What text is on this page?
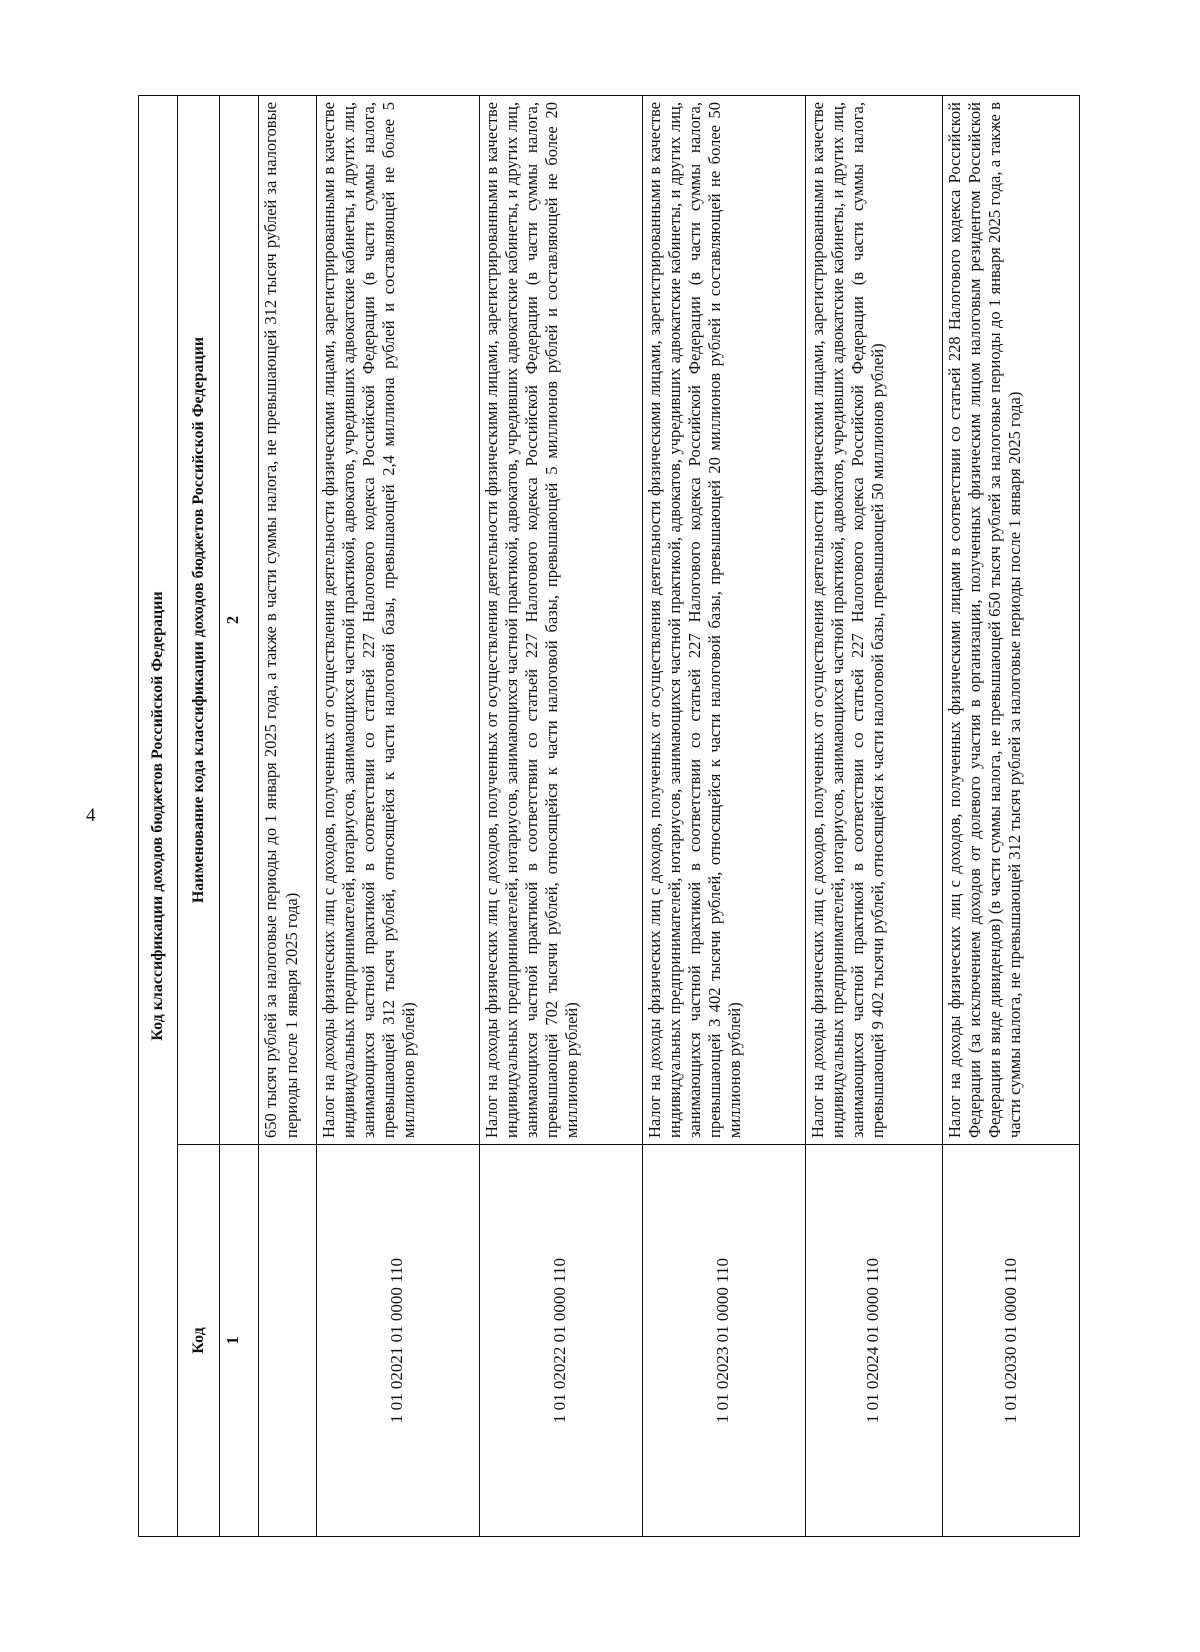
4	Код классификации доходов бюджетов Российской Федерации	
Код	Наименование кода классификации доходов бюджетов Российской Федерации
1	2
	650 тысяч рублей за налоговые периоды до 1 января 2025 года, а также в части суммы налога, не превышающей 312 тысяч рублей за налоговые периоды после 1 января 2025 года)
1 01 02021 01 0000 110	Налог на доходы физических лиц с доходов, полученных от осуществления деятельности физическими лицами, зарегистрированными в качестве индивидуальных предпринимателей, нотариусов, занимающихся частной практикой, адвокатов, учредивших адвокатские кабинеты, и других лиц, занимающихся частной практикой в соответствии со статьей 227 Налогового кодекса Российской Федерации (в части суммы налога, превышающей 312 тысяч рублей, относящейся к части налоговой базы, превышающей 2,4 миллиона рублей и составляющей не более 5 миллионов рублей)
1 01 02022 01 0000 110	Налог на доходы физических лиц с доходов, полученных от осуществления деятельности физическими лицами, зарегистрированными в качестве индивидуальных предпринимателей, нотариусов, занимающихся частной практикой, адвокатов, учредивших адвокатские кабинеты, и других лиц, занимающихся частной практикой в соответствии со статьей 227 Налогового кодекса Российской Федерации (в части суммы налога, превышающей 702 тысячи рублей, относящейся к части налоговой базы, превышающей 5 миллионов рублей и составляющей не более 20 миллионов рублей)
1 01 02023 01 0000 110	Налог на доходы физических лиц с доходов, полученных от осуществления деятельности физическими лицами, зарегистрированными в качестве индивидуальных предпринимателей, нотариусов, занимающихся частной практикой, адвокатов, учредивших адвокатские кабинеты, и других лиц, занимающихся частной практикой в соответствии со статьей 227 Налогового кодекса Российской Федерации (в части суммы налога, превышающей 3 402 тысячи рублей, относящейся к части налоговой базы, превышающей 20 миллионов рублей и составляющей не более 50 миллионов рублей)
1 01 02024 01 0000 110	Налог на доходы физических лиц с доходов, полученных от осуществления деятельности физическими лицами, зарегистрированными в качестве индивидуальных предпринимателей, нотариусов, занимающихся частной практикой, адвокатов, учредивших адвокатские кабинеты, и других лиц, занимающихся частной практикой в соответствии со статьей 227 Налогового кодекса Российской Федерации (в части суммы налога, превышающей 9 402 тысячи рублей, относящейся к части налоговой базы, превышающей 50 миллионов рублей)
1 01 02030 01 0000 110	Налог на доходы физических лиц с доходов, полученных физическими лицами в соответствии со статьей 228 Налогового кодекса Российской Федерации (за исключением доходов от долевого участия в организации, полученных физическим лицом налоговым резидентом Российской Федерации в виде дивидендов) (в части суммы налога, не превышающей 650 тысяч рублей за налоговые периоды до 1 января 2025 года, а также в части суммы налога, не превышающей 312 тысяч рублей за налоговые периоды после 1 января 2025 года)
